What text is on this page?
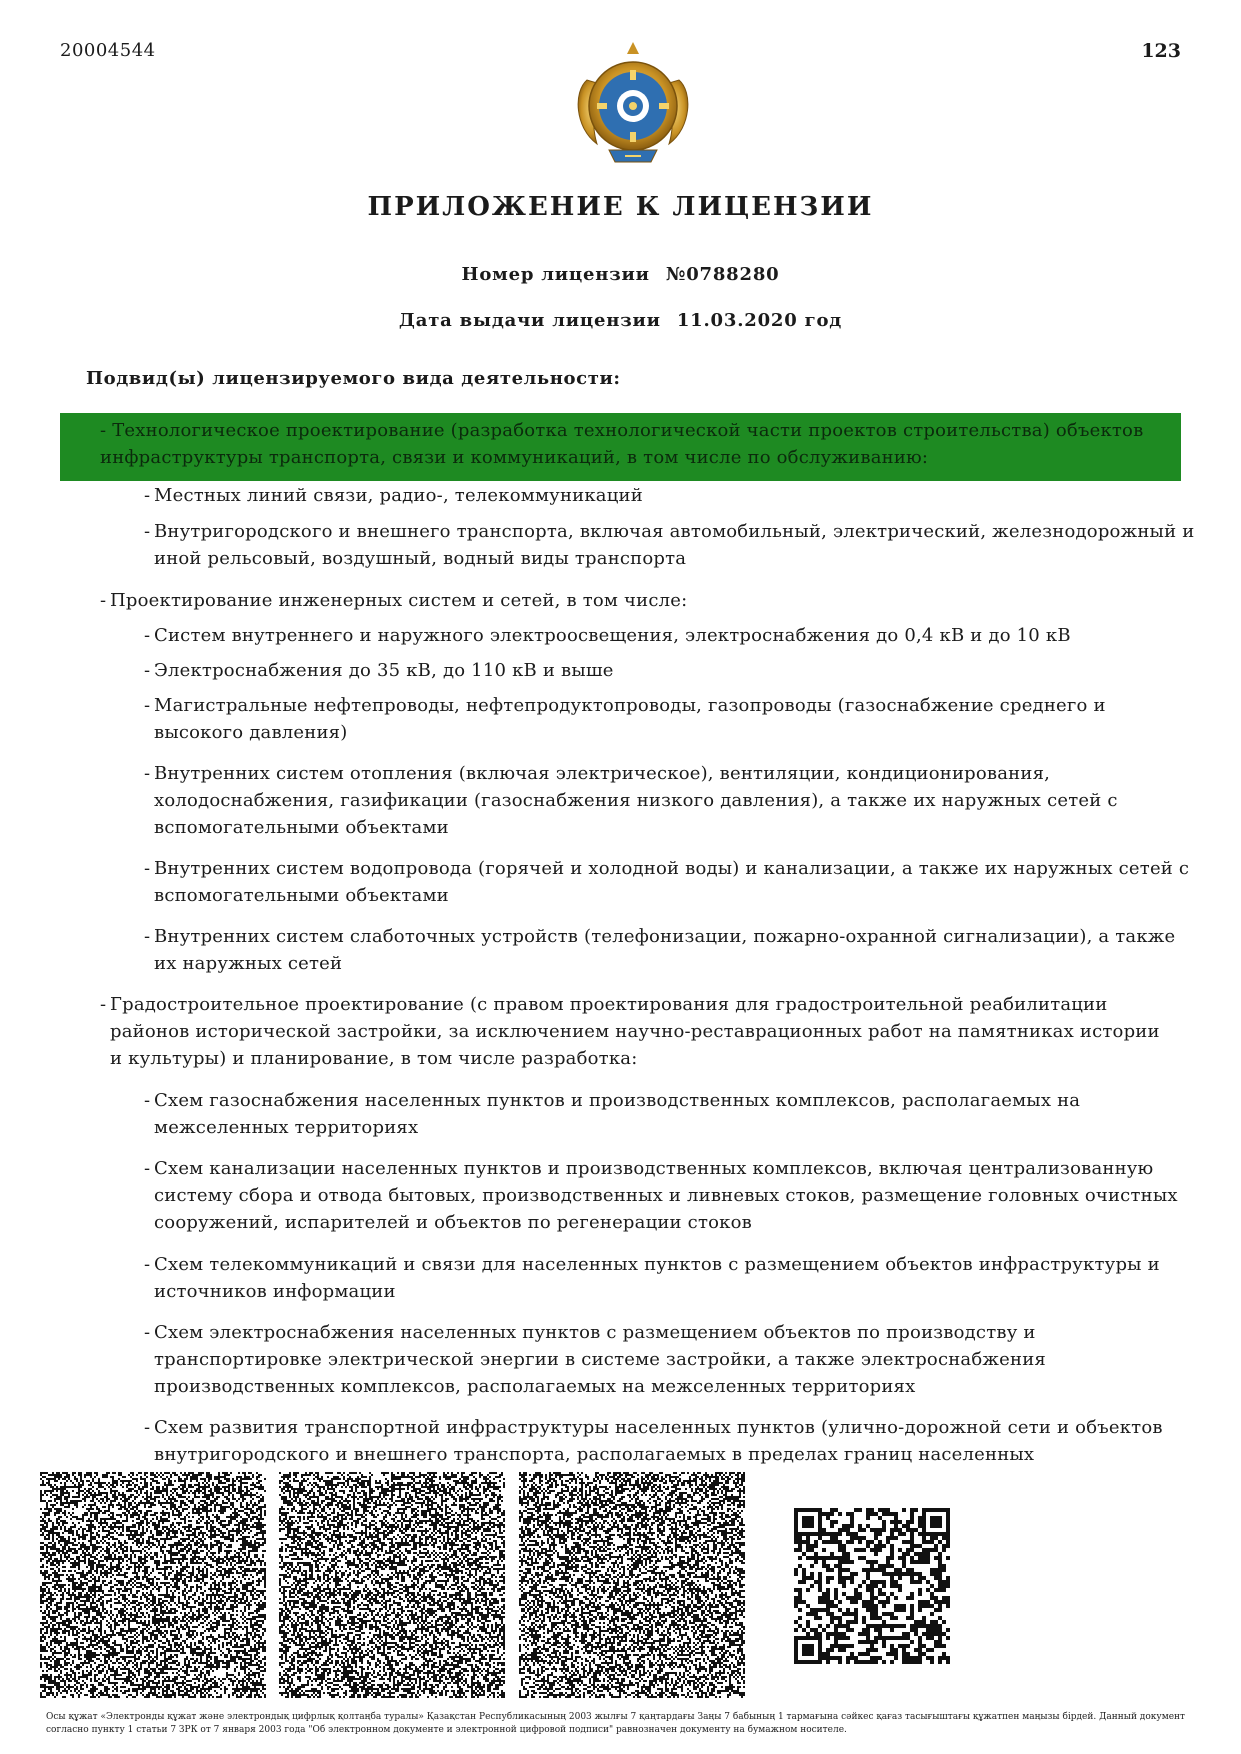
20004544	123
ПРИЛОЖЕНИЕ К ЛИЦЕНЗИИ
Номер лицензии №0788280
Дата выдачи лицензии 11.03.2020 год
Подвид(ы) лицензируемого вида деятельности:
- Технологическое проектирование (разработка технологической части проектов строительства) объектов инфраструктуры транспорта, связи и коммуникаций, в том числе по обслуживанию:
- Местных линий связи, радио-, телекоммуникаций
- Внутригородского и внешнего транспорта, включая автомобильный, электрический, железнодорожный и иной рельсовый, воздушный, водный виды транспорта
- Проектирование инженерных систем и сетей, в том числе:
- Систем внутреннего и наружного электроосвещения, электроснабжения до 0,4 кВ и до 10 кВ
- Электроснабжения до 35 кВ, до 110 кВ и выше
- Магистральные нефтепроводы, нефтепродуктопроводы, газопроводы (газоснабжение среднего и высокого давления)
- Внутренних систем отопления (включая электрическое), вентиляции, кондиционирования, холодоснабжения, газификации (газоснабжения низкого давления), а также их наружных сетей с вспомогательными объектами
- Внутренних систем водопровода (горячей и холодной воды) и канализации, а также их наружных сетей с вспомогательными объектами
- Внутренних систем слаботочных устройств (телефонизации, пожарно-охранной сигнализации), а также их наружных сетей
- Градостроительное проектирование (с правом проектирования для градостроительной реабилитации районов исторической застройки, за исключением научно-реставрационных работ на памятниках истории и культуры) и планирование, в том числе разработка:
- Схем газоснабжения населенных пунктов и производственных комплексов, располагаемых на межселенных территориях
- Схем канализации населенных пунктов и производственных комплексов, включая централизованную систему сбора и отвода бытовых, производственных и ливневых стоков, размещение головных очистных сооружений, испарителей и объектов по регенерации стоков
- Схем телекоммуникаций и связи для населенных пунктов с размещением объектов инфраструктуры и источников информации
- Схем электроснабжения населенных пунктов с размещением объектов по производству и транспортировке электрической энергии в системе застройки, а также электроснабжения производственных комплексов, располагаемых на межселенных территориях
- Схем развития транспортной инфраструктуры населенных пунктов (улично-дорожной сети и объектов внутригородского и внешнего транспорта, располагаемых в пределах границ населенных
Осы құжат «Электронды құжат және электрондық цифрлық қолтаңба туралы» Қазақстан Республикасының 2003 жылғы 7 қаңтардағы Заңы 7 бабының 1 тармағына сәйкес қағаз тасығыштағы құжатпен маңызы бірдей. Данный документ согласно пункту 1 статьи 7 ЗРК от 7 января 2003 года "Об электронном документе и электронной цифровой подписи" равнозначен документу на бумажном носителе.
